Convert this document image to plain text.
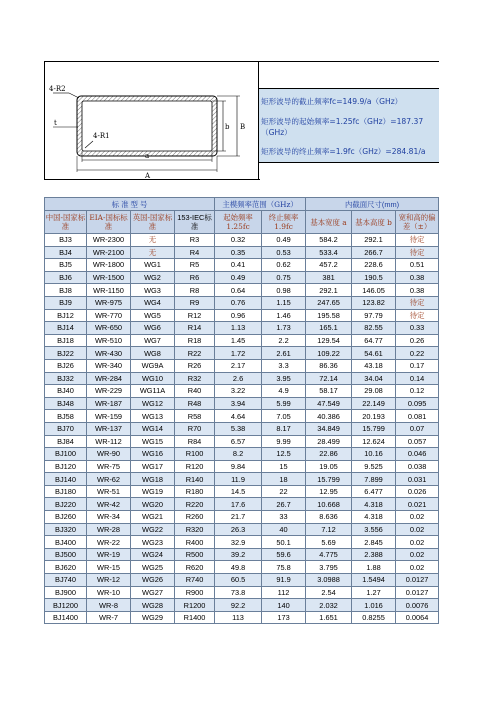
4-R2
t
4-R1
a
A
b B
矩形波导的截止频率fc=149.9/a（GHz）
矩形波导的起始频率=1.25fc（GHz）=187.37
（GHz）
矩形波导的终止频率=1.9fc（GHz）=284.81/a
标 准 型 号				主模频率范围（GHz）		内截面尺寸(mm)		
中国-国家标准	EIA-国标标准	英国-国家标准	153-IEC标准	起始频率 1.25fc	终止频率 1.9fc	基本宽度 a	基本高度 b	宽和高的偏差（±）
BJ3	WR-2300	无	R3	0.32	0.49	584.2	292.1	待定
BJ4	WR-2100	无	R4	0.35	0.53	533.4	266.7	待定
BJ5	WR-1800	WG1	R5	0.41	0.62	457.2	228.6	0.51
BJ6	WR-1500	WG2	R6	0.49	0.75	381	190.5	0.38
BJ8	WR-1150	WG3	R8	0.64	0.98	292.1	146.05	0.38
BJ9	WR-975	WG4	R9	0.76	1.15	247.65	123.82	待定
BJ12	WR-770	WG5	R12	0.96	1.46	195.58	97.79	待定
BJ14	WR-650	WG6	R14	1.13	1.73	165.1	82.55	0.33
BJ18	WR-510	WG7	R18	1.45	2.2	129.54	64.77	0.26
BJ22	WR-430	WG8	R22	1.72	2.61	109.22	54.61	0.22
BJ26	WR-340	WG9A	R26	2.17	3.3	86.36	43.18	0.17
BJ32	WR-284	WG10	R32	2.6	3.95	72.14	34.04	0.14
BJ40	WR-229	WG11A	R40	3.22	4.9	58.17	29.08	0.12
BJ48	WR-187	WG12	R48	3.94	5.99	47.549	22.149	0.095
BJ58	WR-159	WG13	R58	4.64	7.05	40.386	20.193	0.081
BJ70	WR-137	WG14	R70	5.38	8.17	34.849	15.799	0.07
BJ84	WR-112	WG15	R84	6.57	9.99	28.499	12.624	0.057
BJ100	WR-90	WG16	R100	8.2	12.5	22.86	10.16	0.046
BJ120	WR-75	WG17	R120	9.84	15	19.05	9.525	0.038
BJ140	WR-62	WG18	R140	11.9	18	15.799	7.899	0.031
BJ180	WR-51	WG19	R180	14.5	22	12.95	6.477	0.026
BJ220	WR-42	WG20	R220	17.6	26.7	10.668	4.318	0.021
BJ260	WR-34	WG21	R260	21.7	33	8.636	4.318	0.02
BJ320	WR-28	WG22	R320	26.3	40	7.12	3.556	0.02
BJ400	WR-22	WG23	R400	32.9	50.1	5.69	2.845	0.02
BJ500	WR-19	WG24	R500	39.2	59.6	4.775	2.388	0.02
BJ620	WR-15	WG25	R620	49.8	75.8	3.795	1.88	0.02
BJ740	WR-12	WG26	R740	60.5	91.9	3.0988	1.5494	0.0127
BJ900	WR-10	WG27	R900	73.8	112	2.54	1.27	0.0127
BJ1200	WR-8	WG28	R1200	92.2	140	2.032	1.016	0.0076
BJ1400	WR-7	WG29	R1400	113	173	1.651	0.8255	0.0064
